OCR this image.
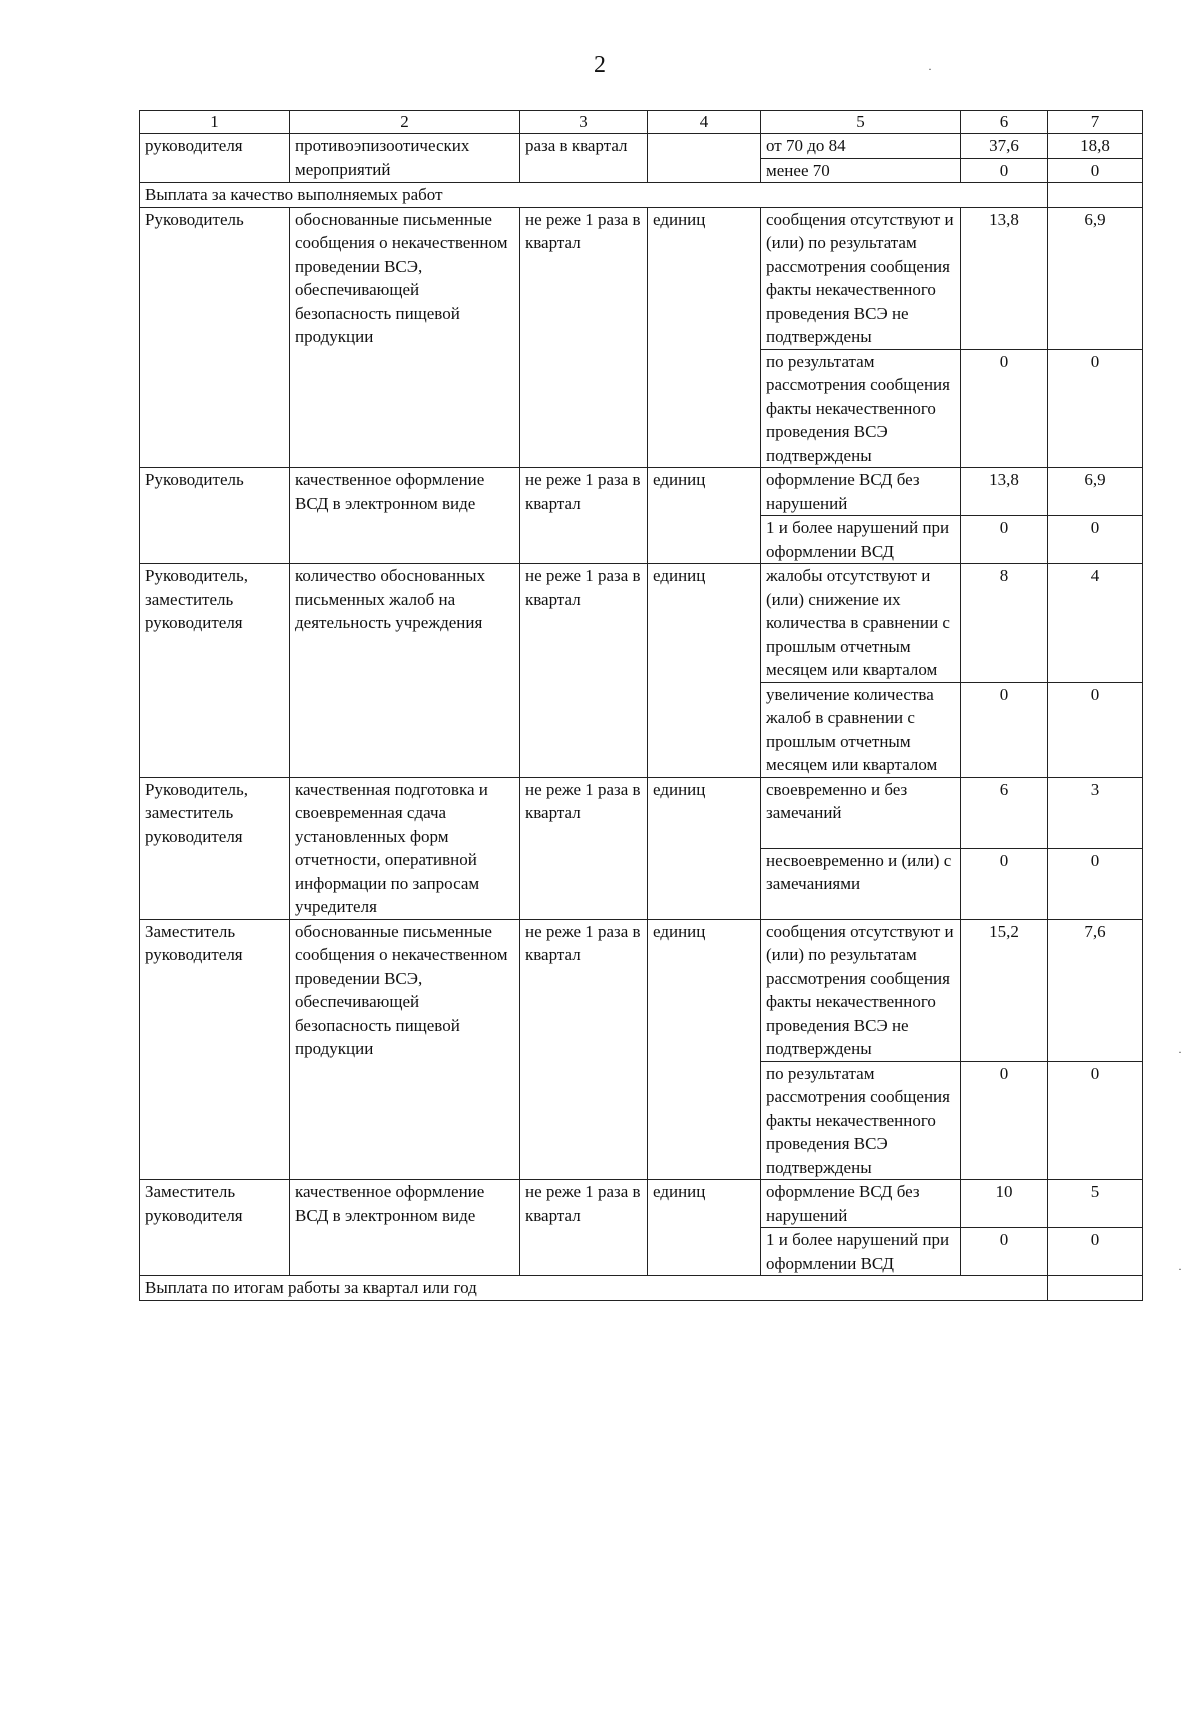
2
1	2	3	4	5	6	7
руководителя	противоэпизоотических мероприятий	раза в квартал		от 70 до 84	37,6	18,8
				менее 70	0	0
Выплата за качество выполняемых работ						
Руководитель	обоснованные письменные сообщения о некачественном проведении ВСЭ, обеспечивающей безопасность пищевой продукции	не реже 1 раза в квартал	единиц	сообщения отсутствуют и (или) по результатам рассмотрения сообщения факты некачественного проведения ВСЭ не подтверждены	13,8	6,9
				по результатам рассмотрения сообщения факты некачественного проведения ВСЭ подтверждены	0	0
Руководитель	качественное оформление ВСД в электронном виде	не реже 1 раза в квартал	единиц	оформление ВСД без нарушений	13,8	6,9
				1 и более нарушений при оформлении ВСД	0	0
Руководитель, заместитель руководителя	количество обоснованных письменных жалоб на деятельность учреждения	не реже 1 раза в квартал	единиц	жалобы отсутствуют и (или) снижение их количества в сравнении с прошлым отчетным месяцем или кварталом	8	4
				увеличение количества жалоб в сравнении с прошлым отчетным месяцем или кварталом	0	0
Руководитель, заместитель руководителя	качественная подготовка и своевременная сдача установленных форм отчетности, оперативной информации по запросам учредителя	не реже 1 раза в квартал	единиц	своевременно и без замечаний	6	3
				несвоевременно и (или) с замечаниями	0	0
Заместитель руководителя	обоснованные письменные сообщения о некачественном проведении ВСЭ, обеспечивающей безопасность пищевой продукции	не реже 1 раза в квартал	единиц	сообщения отсутствуют и (или) по результатам рассмотрения сообщения факты некачественного проведения ВСЭ не подтверждены	15,2	7,6
				по результатам рассмотрения сообщения факты некачественного проведения ВСЭ подтверждены	0	0
Заместитель руководителя	качественное оформление ВСД в электронном виде	не реже 1 раза в квартал	единиц	оформление ВСД без нарушений	10	5
				1 и более нарушений при оформлении ВСД	0	0
Выплата по итогам работы за квартал или год						
·
·
·
